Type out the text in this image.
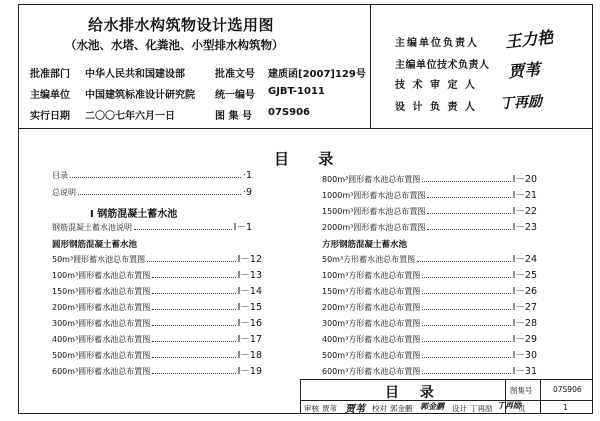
给水排水构筑物设计选用图
（水池、水塔、化粪池、小型排水构筑物）
批准部门 中华人民共和国建设部	批准文号 建质函[2007]129号
主编单位 中国建筑标准设计研究院 统一编号 GJBT-1011
实行日期 二〇〇七年六月一日	图 集 号 07S906
主编单位负责人 王力艳
主编单位技术负责人 贾苇
技 术 审 定 人
设 计 负 责 人 丁再励
目 录
目录	·1
总说明	·9
Ⅰ 钢筋混凝土蓄水池
钢筋混凝土蓄水池说明	Ⅰ－1
圆形钢筋混凝土蓄水池
50m³圆形蓄水池总布置图	Ⅰ－12
100m³圆形蓄水池总布置图	Ⅰ－13
150m³圆形蓄水池总布置图	Ⅰ－14
200m³圆形蓄水池总布置图	Ⅰ－15
300m³圆形蓄水池总布置图	Ⅰ－16
400m³圆形蓄水池总布置图	Ⅰ－17
500m³圆形蓄水池总布置图	Ⅰ－18
600m³圆形蓄水池总布置图	Ⅰ－19
800m³圆形蓄水池总布置图	Ⅰ－20
1000m³圆形蓄水池总布置图	Ⅰ－21
1500m³圆形蓄水池总布置图	Ⅰ－22
2000m³圆形蓄水池总布置图	Ⅰ－23
方形钢筋混凝土蓄水池
50m³方形蓄水池总布置图	Ⅰ－24
100m³方形蓄水池总布置图	Ⅰ－25
150m³方形蓄水池总布置图	Ⅰ－26
200m³方形蓄水池总布置图	Ⅰ－27
300m³方形蓄水池总布置图	Ⅰ－28
400m³方形蓄水池总布置图	Ⅰ－29
500m³方形蓄水池总布置图	Ⅰ－30
600m³方形蓄水池总布置图	Ⅰ－31
目 录	图集号	07S906
页	1
审核 贾苇 贾苇 校对 郭金鹏 郭金鹏 设计 丁再励 丁再励
